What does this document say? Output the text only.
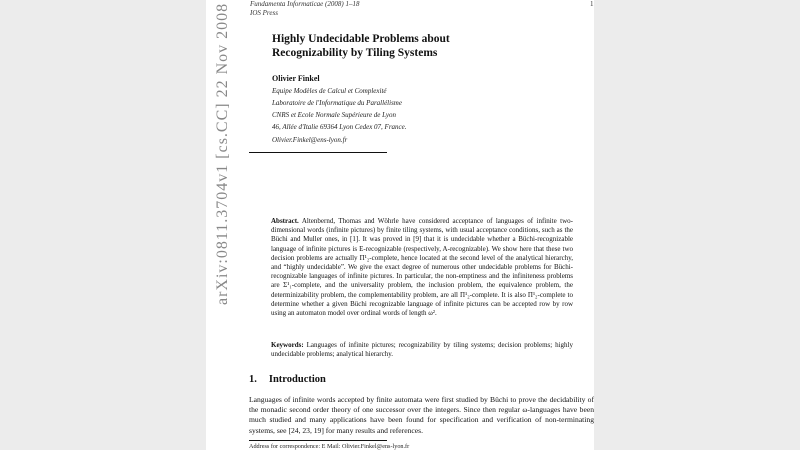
arXiv:0811.3704v1 [cs.CC] 22 Nov 2008	Fundamenta Informaticae (2008) 1–18
IOS Press
1
Highly Undecidable Problems about
Recognizability by Tiling Systems
Olivier Finkel
Equipe Modèles de Calcul et Complexité
Laboratoire de l'Informatique du Parallélisme
CNRS et Ecole Normale Supérieure de Lyon
46, Allée d'Italie 69364 Lyon Cedex 07, France.
Olivier.Finkel@ens-lyon.fr
Abstract. Altenbernd, Thomas and Wöhrle have considered acceptance of languages of infinite two-dimensional words (infinite pictures) by finite tiling systems, with usual acceptance conditions, such as the Büchi and Muller ones, in [1]. It was proved in [9] that it is undecidable whether a Büchi-recognizable language of infinite pictures is E-recognizable (respectively, A-recognizable). We show here that these two decision problems are actually Π¹₂-complete, hence located at the second level of the analytical hierarchy, and “highly undecidable”. We give the exact degree of numerous other undecidable problems for Büchi-recognizable languages of infinite pictures. In particular, the non-emptiness and the infiniteness problems are Σ¹₁-complete, and the universality problem, the inclusion problem, the equivalence problem, the determinizability problem, the complementability problem, are all Π¹₂-complete. It is also Π¹₂-complete to determine whether a given Büchi recognizable language of infinite pictures can be accepted row by row using an automaton model over ordinal words of length ω².
Keywords: Languages of infinite pictures; recognizability by tiling systems; decision problems; highly undecidable problems; analytical hierarchy.
1. Introduction
Languages of infinite words accepted by finite automata were first studied by Büchi to prove the decidability of the monadic second order theory of one successor over the integers. Since then regular ω-languages have been much studied and many applications have been found for specification and verification of non-terminating systems, see [24, 23, 19] for many results and references.
Address for correspondence: E Mail: Olivier.Finkel@ens-lyon.fr
